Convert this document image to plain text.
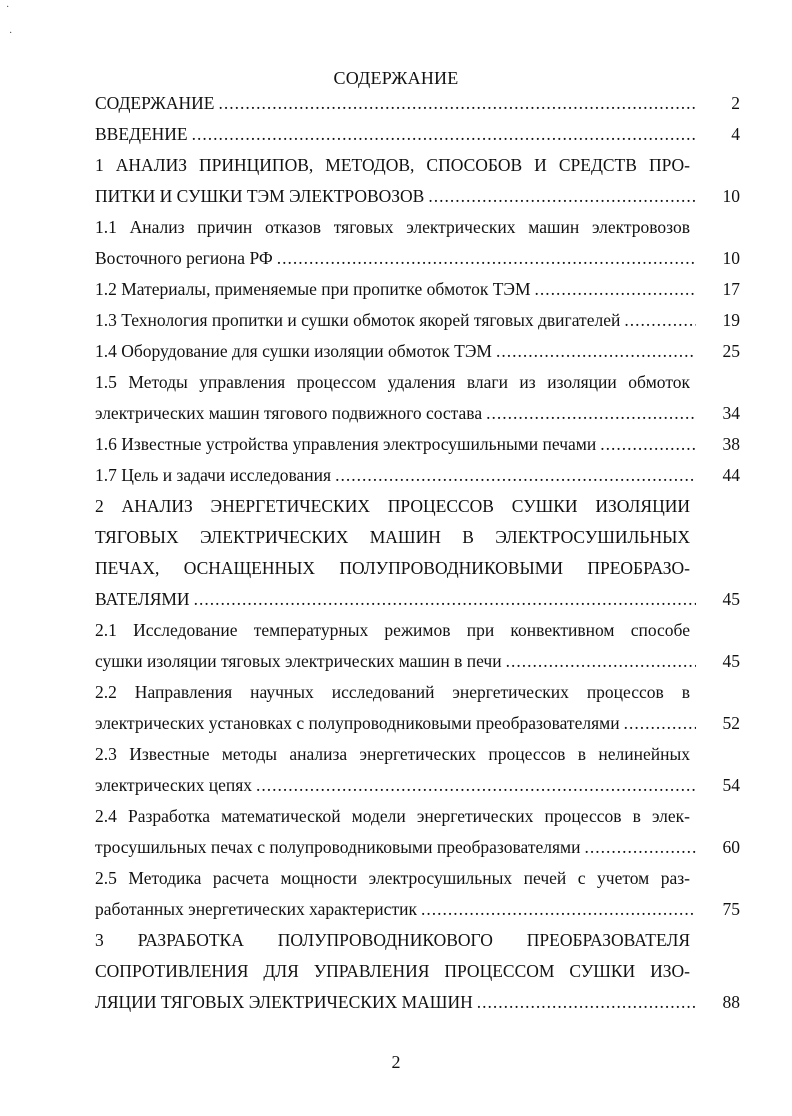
·
·
СОДЕРЖАНИЕ
СОДЕРЖАНИЕ .....	2
ВВЕДЕНИЕ .....	4
1 АНАЛИЗ ПРИНЦИПОВ, МЕТОДОВ, СПОСОБОВ И СРЕДСТВ ПРО-
ПИТКИ И СУШКИ ТЭМ ЭЛЕКТРОВОЗОВ .....	10
1.1 Анализ причин отказов тяговых электрических машин электровозов
Восточного региона РФ .....	10
1.2 Материалы, применяемые при пропитке обмоток ТЭМ .....	17
1.3 Технология пропитки и сушки обмоток якорей тяговых двигателей .....	19
1.4 Оборудование для сушки изоляции обмоток ТЭМ .....	25
1.5 Методы управления процессом удаления влаги из изоляции обмоток
электрических машин тягового подвижного состава .....	34
1.6 Известные устройства управления электросушильными печами .....	38
1.7 Цель и задачи исследования .....	44
2 АНАЛИЗ ЭНЕРГЕТИЧЕСКИХ ПРОЦЕССОВ СУШКИ ИЗОЛЯЦИИ
ТЯГОВЫХ ЭЛЕКТРИЧЕСКИХ МАШИН В ЭЛЕКТРОСУШИЛЬНЫХ
ПЕЧАХ, ОСНАЩЕННЫХ ПОЛУПРОВОДНИКОВЫМИ ПРЕОБРАЗО-
ВАТЕЛЯМИ .....	45
2.1 Исследование температурных режимов при конвективном способе
сушки изоляции тяговых электрических машин в печи .....	45
2.2 Направления научных исследований энергетических процессов в
электрических установках с полупроводниковыми преобразователями .....	52
2.3 Известные методы анализа энергетических процессов в нелинейных
электрических цепях .....	54
2.4 Разработка математической модели энергетических процессов в элек-
тросушильных печах с полупроводниковыми преобразователями .....	60
2.5 Методика расчета мощности электросушильных печей с учетом раз-
работанных энергетических характеристик .....	75
3 РАЗРАБОТКА ПОЛУПРОВОДНИКОВОГО ПРЕОБРАЗОВАТЕЛЯ
СОПРОТИВЛЕНИЯ ДЛЯ УПРАВЛЕНИЯ ПРОЦЕССОМ СУШКИ ИЗО-
ЛЯЦИИ ТЯГОВЫХ ЭЛЕКТРИЧЕСКИХ МАШИН .....	88
2
